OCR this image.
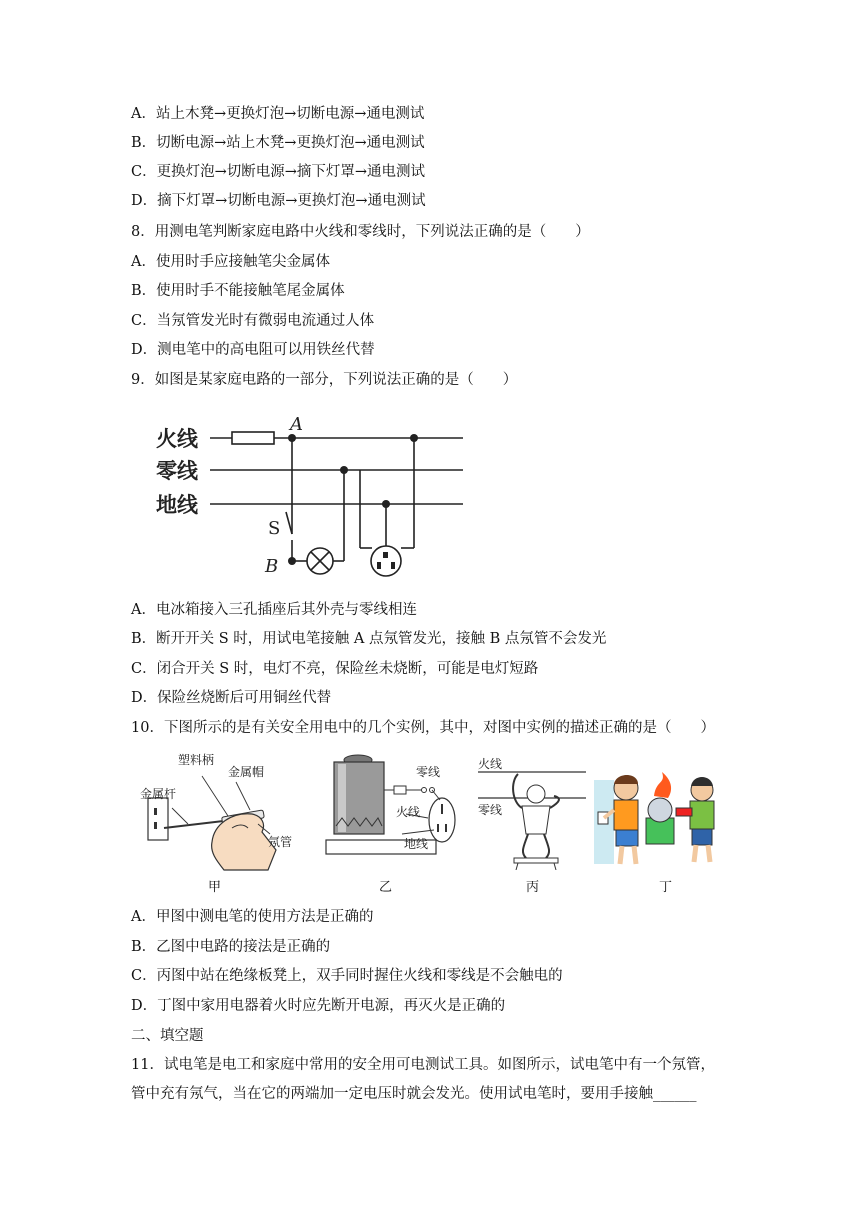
A．站上木凳→更换灯泡→切断电源→通电测试
B．切断电源→站上木凳→更换灯泡→通电测试
C．更换灯泡→切断电源→摘下灯罩→通电测试
D．摘下灯罩→切断电源→更换灯泡→通电测试
8．用测电笔判断家庭电路中火线和零线时，下列说法正确的是（　　）
A．使用时手应接触笔尖金属体
B．使用时手不能接触笔尾金属体
C．当氖管发光时有微弱电流通过人体
D．测电笔中的高电阻可以用铁丝代替
9．如图是某家庭电路的一部分，下列说法正确的是（　　）
火线
零线
地线
A
S
B
A．电冰箱接入三孔插座后其外壳与零线相连
B．断开开关 S 时，用试电笔接触 A 点氖管发光，接触 B 点氖管不会发光
C．闭合开关 S 时，电灯不亮，保险丝未烧断，可能是电灯短路
D．保险丝烧断后可用铜丝代替
10．下图所示的是有关安全用电中的几个实例，其中，对图中实例的描述正确的是（　　）
塑料柄
金属帽
金属杆
氖管
甲
零线
火线
地线
乙
火线
零线
丙	丁
A．甲图中测电笔的使用方法是正确的
B．乙图中电路的接法是正确的
C．丙图中站在绝缘板凳上，双手同时握住火线和零线是不会触电的
D．丁图中家用电器着火时应先断开电源，再灭火是正确的
二、填空题
11．试电笔是电工和家庭中常用的安全用可电测试工具。如图所示，试电笔中有一个氖管，
管中充有氖气，当在它的两端加一定电压时就会发光。使用试电笔时，要用手接触______
